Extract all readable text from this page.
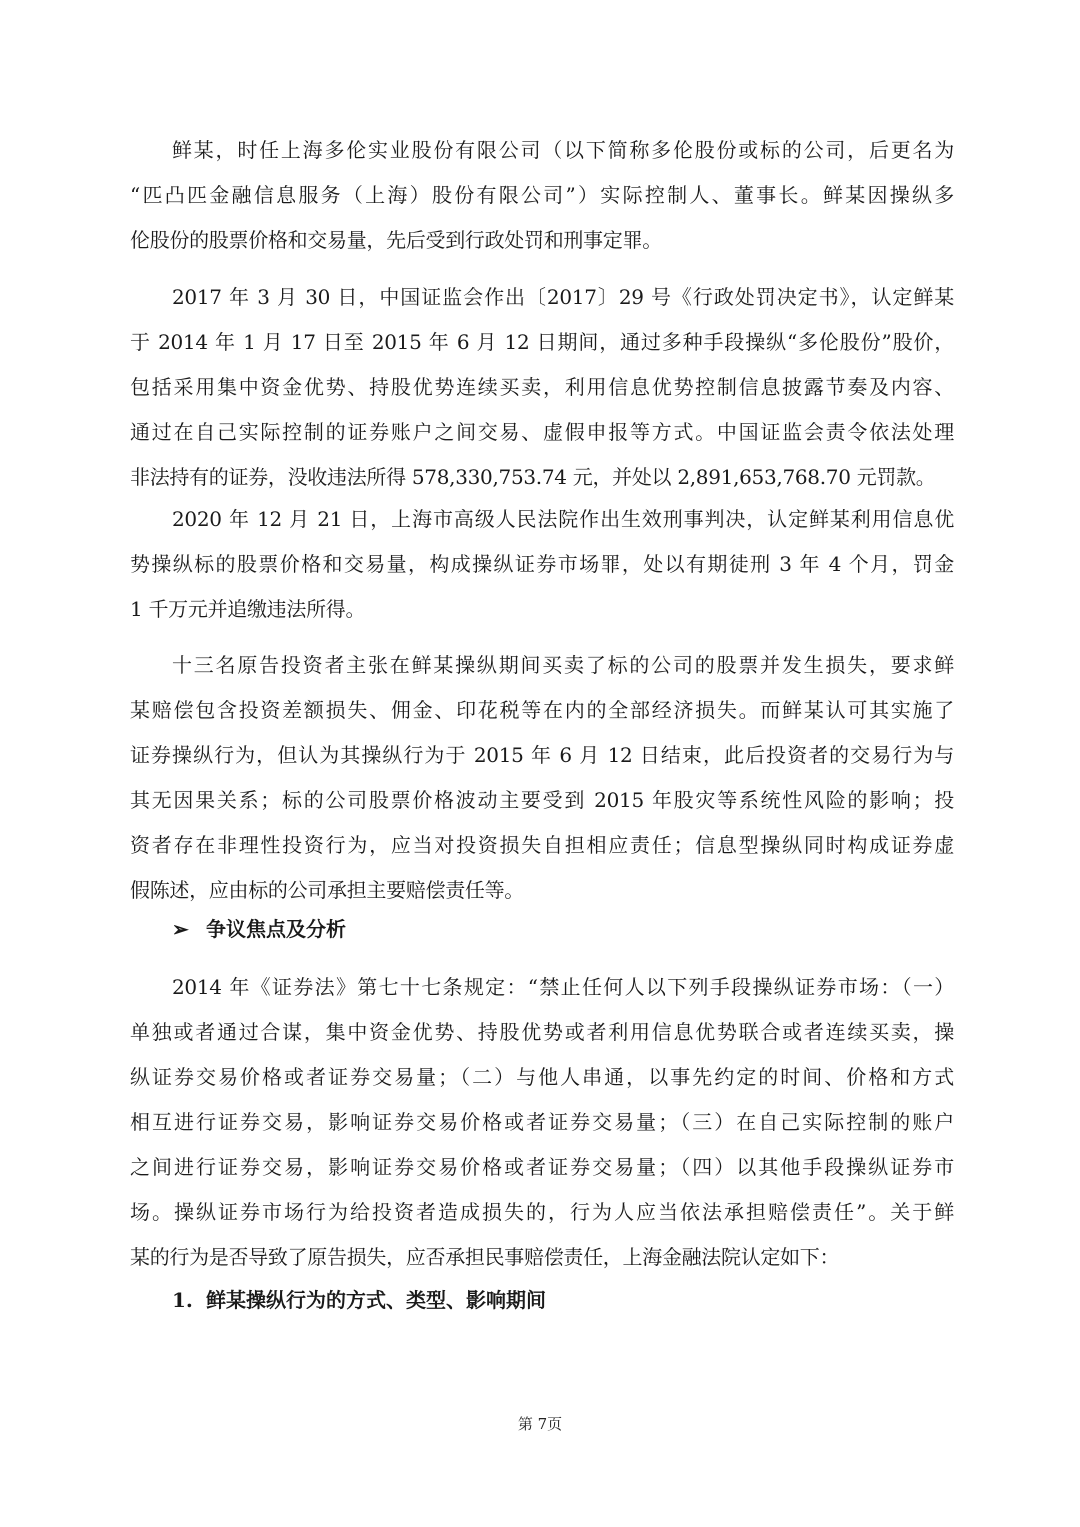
鲜某，时任上海多伦实业股份有限公司（以下简称多伦股份或标的公司，后更名为
“匹凸匹金融信息服务（上海）股份有限公司”）实际控制人、董事长。鲜某因操纵多
伦股份的股票价格和交易量，先后受到行政处罚和刑事定罪。

2017 年 3 月 30 日，中国证监会作出〔2017〕29 号《行政处罚决定书》，认定鲜某
于 2014 年 1 月 17 日至 2015 年 6 月 12 日期间，通过多种手段操纵“多伦股份”股价，
包括采用集中资金优势、持股优势连续买卖，利用信息优势控制信息披露节奏及内容、
通过在自己实际控制的证券账户之间交易、虚假申报等方式。中国证监会责令依法处理
非法持有的证券，没收违法所得 578,330,753.74 元，并处以 2,891,653,768.70 元罚款。

2020 年 12 月 21 日，上海市高级人民法院作出生效刑事判决，认定鲜某利用信息优
势操纵标的股票价格和交易量，构成操纵证券市场罪，处以有期徒刑 3 年 4 个月，罚金
1 千万元并追缴违法所得。

十三名原告投资者主张在鲜某操纵期间买卖了标的公司的股票并发生损失，要求鲜
某赔偿包含投资差额损失、佣金、印花税等在内的全部经济损失。而鲜某认可其实施了
证券操纵行为，但认为其操纵行为于 2015 年 6 月 12 日结束，此后投资者的交易行为与
其无因果关系；标的公司股票价格波动主要受到 2015 年股灾等系统性风险的影响；投
资者存在非理性投资行为，应当对投资损失自担相应责任；信息型操纵同时构成证券虚
假陈述，应由标的公司承担主要赔偿责任等。

➢ 争议焦点及分析

2014 年《证券法》第七十七条规定：“禁止任何人以下列手段操纵证券市场：（一）
单独或者通过合谋，集中资金优势、持股优势或者利用信息优势联合或者连续买卖，操
纵证券交易价格或者证券交易量；（二）与他人串通，以事先约定的时间、价格和方式
相互进行证券交易，影响证券交易价格或者证券交易量；（三）在自己实际控制的账户
之间进行证券交易，影响证券交易价格或者证券交易量；（四）以其他手段操纵证券市
场。操纵证券市场行为给投资者造成损失的，行为人应当依法承担赔偿责任”。关于鲜
某的行为是否导致了原告损失，应否承担民事赔偿责任，上海金融法院认定如下：

1. 鲜某操纵行为的方式、类型、影响期间
第 7页
